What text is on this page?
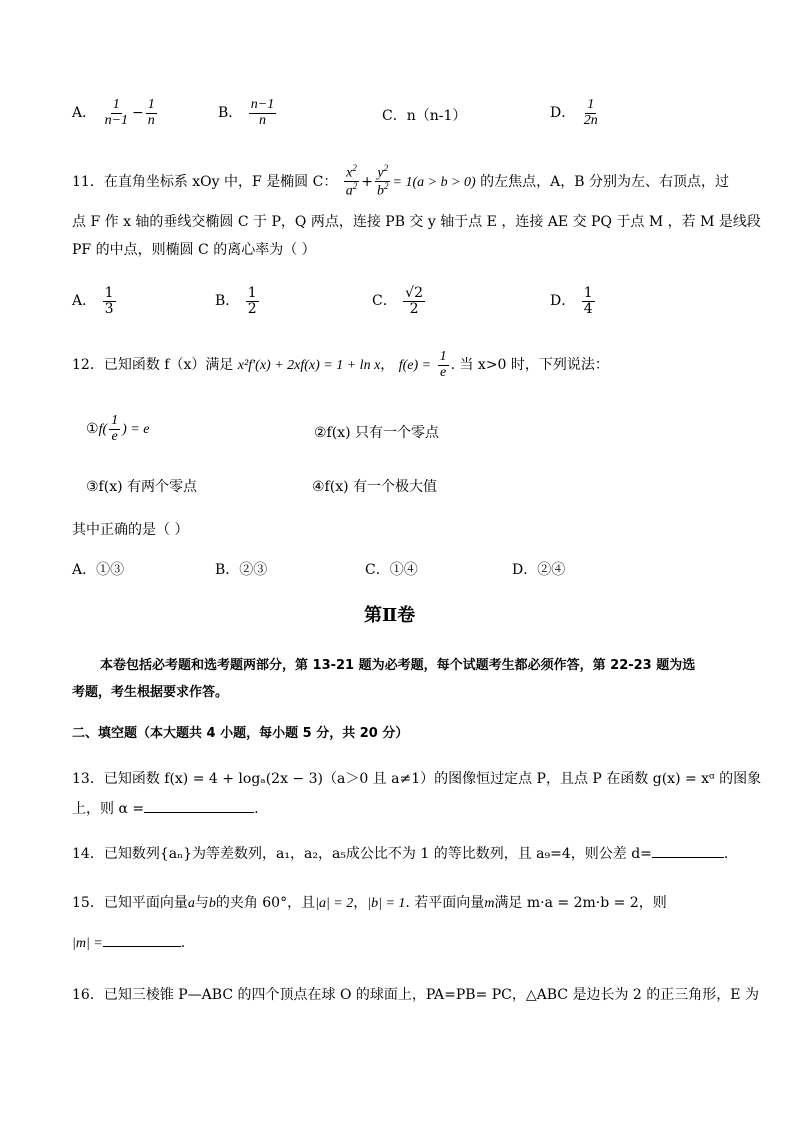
A． $\frac{1}{n-1} - \frac{1}{n}$	B． $\frac{n-1}{n}$	C．n（n-1）	D． $\frac{1}{2n}$
11．在直角坐标系 xOy 中，F 是椭圆 C： $\frac{x^2}{a^2} + \frac{y^2}{b^2} = 1(a > b > 0)$ 的左焦点，A，B 分别为左、右顶点，过
点 F 作 x 轴的垂线交椭圆 C 于 P，Q 两点，连接 PB 交 y 轴于点 E ，连接 AE 交 PQ 于点 M ，若 M 是线段
PF 的中点，则椭圆 C 的离心率为（ ）
A． $\frac{1}{3}$	B． $\frac{1}{2}$	C． $\frac{√2}{2}$	D． $\frac{1}{4}$
12．已知函数 f（x）满足 x²f′(x) + 2xf(x) = 1 + ln x， $f(e) = \frac{1}{e}$ . 当 x>0 时，下列说法：
①f( $\frac{1}{e}$ ) = e	②f(x) 只有一个零点
③f(x) 有两个零点	④f(x) 有一个极大值
其中正确的是（ ）
A．①③	B．②③	C．①④	D．②④
第Ⅱ卷
本卷包括必考题和选考题两部分，第 13-21 题为必考题，每个试题考生都必须作答，第 22-23 题为选
考题，考生根据要求作答。
二、填空题（本大题共 4 小题，每小题 5 分，共 20 分）
13．已知函数 f(x) = 4 + logₐ(2x − 3)（a＞0 且 a≠1）的图像恒过定点 P，且点 P 在函数 g(x) = xᵅ 的图象
上，则 α =	.
14．已知数列{aₙ}为等差数列，a₁，a₂，a₅成公比不为 1 的等比数列，且 a₉=4，则公差 d=	.
15．已知平面向量a与b的夹角 60°，且|a| = 2，|b| = 1. 若平面向量m满足 m·a = 2m·b = 2，则
|m| =	.
16．已知三棱锥 P—ABC 的四个顶点在球 O 的球面上，PA=PB= PC，△ABC 是边长为 2 的正三角形，E 为
